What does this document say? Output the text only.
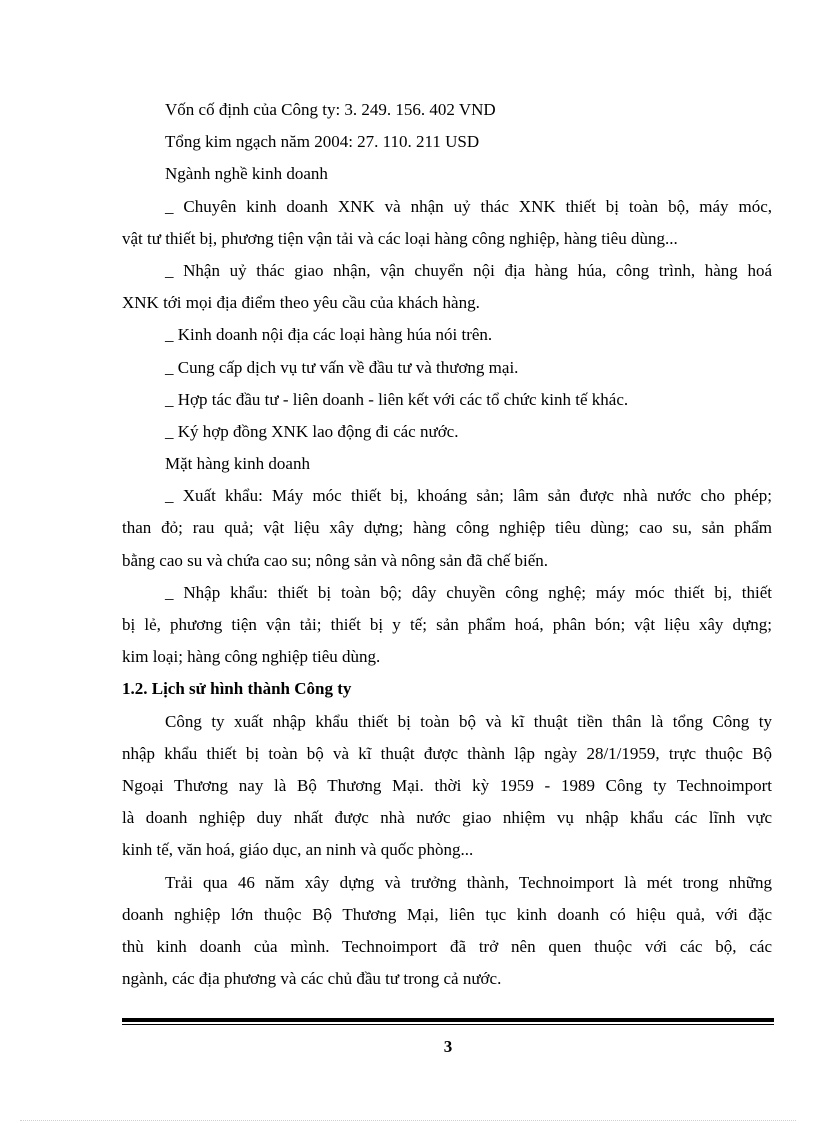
Vốn cố định của Công ty: 3. 249. 156. 402 VND
Tổng kim ngạch năm 2004: 27. 110. 211 USD
Ngành nghề kinh doanh
_ Chuyên kinh doanh XNK và nhận uỷ thác XNK thiết bị toàn bộ, máy móc,
vật tư thiết bị, phương tiện vận tải và các loại hàng công nghiệp, hàng tiêu dùng...
_ Nhận uỷ thác giao nhận, vận chuyển nội địa hàng húa, công trình, hàng hoá
XNK tới mọi địa điểm theo yêu cầu của khách hàng.
_ Kinh doanh nội địa các loại hàng húa nói trên.
_ Cung cấp dịch vụ tư vấn về đầu tư và thương mại.
_ Hợp tác đầu tư - liên doanh - liên kết với các tổ chức kinh tế khác.
_ Ký hợp đồng XNK lao động đi các nước.
Mặt hàng kinh doanh
_ Xuất khẩu: Máy móc thiết bị, khoáng sản; lâm sản được nhà nước cho phép;
than đỏ; rau quả; vật liệu xây dựng; hàng công nghiệp tiêu dùng; cao su, sản phẩm
bằng cao su và chứa cao su; nông sản và nông sản đã chế biến.
_ Nhập khẩu: thiết bị toàn bộ; dây chuyền công nghệ; máy móc thiết bị, thiết
bị lẻ, phương tiện vận tải; thiết bị y tế; sản phẩm hoá, phân bón; vật liệu xây dựng;
kim loại; hàng công nghiệp tiêu dùng.
1.2. Lịch sử hình thành Công ty
Công ty xuất nhập khẩu thiết bị toàn bộ và kĩ thuật tiền thân là tổng Công ty
nhập khẩu thiết bị toàn bộ và kĩ thuật được thành lập ngày 28/1/1959, trực thuộc Bộ
Ngoại Thương nay là Bộ Thương Mại. thời kỳ 1959 - 1989 Công ty Technoimport
là doanh nghiệp duy nhất được nhà nước giao nhiệm vụ nhập khẩu các lĩnh vực
kinh tế, văn hoá, giáo dục, an ninh và quốc phòng...
Trải qua 46 năm xây dựng và trưởng thành, Technoimport là mét trong những
doanh nghiệp lớn thuộc Bộ Thương Mại, liên tục kinh doanh có hiệu quả, với đặc
thù kinh doanh của mình. Technoimport đã trở nên quen thuộc với các bộ, các
ngành, các địa phương và các chủ đầu tư trong cả nước.
3
